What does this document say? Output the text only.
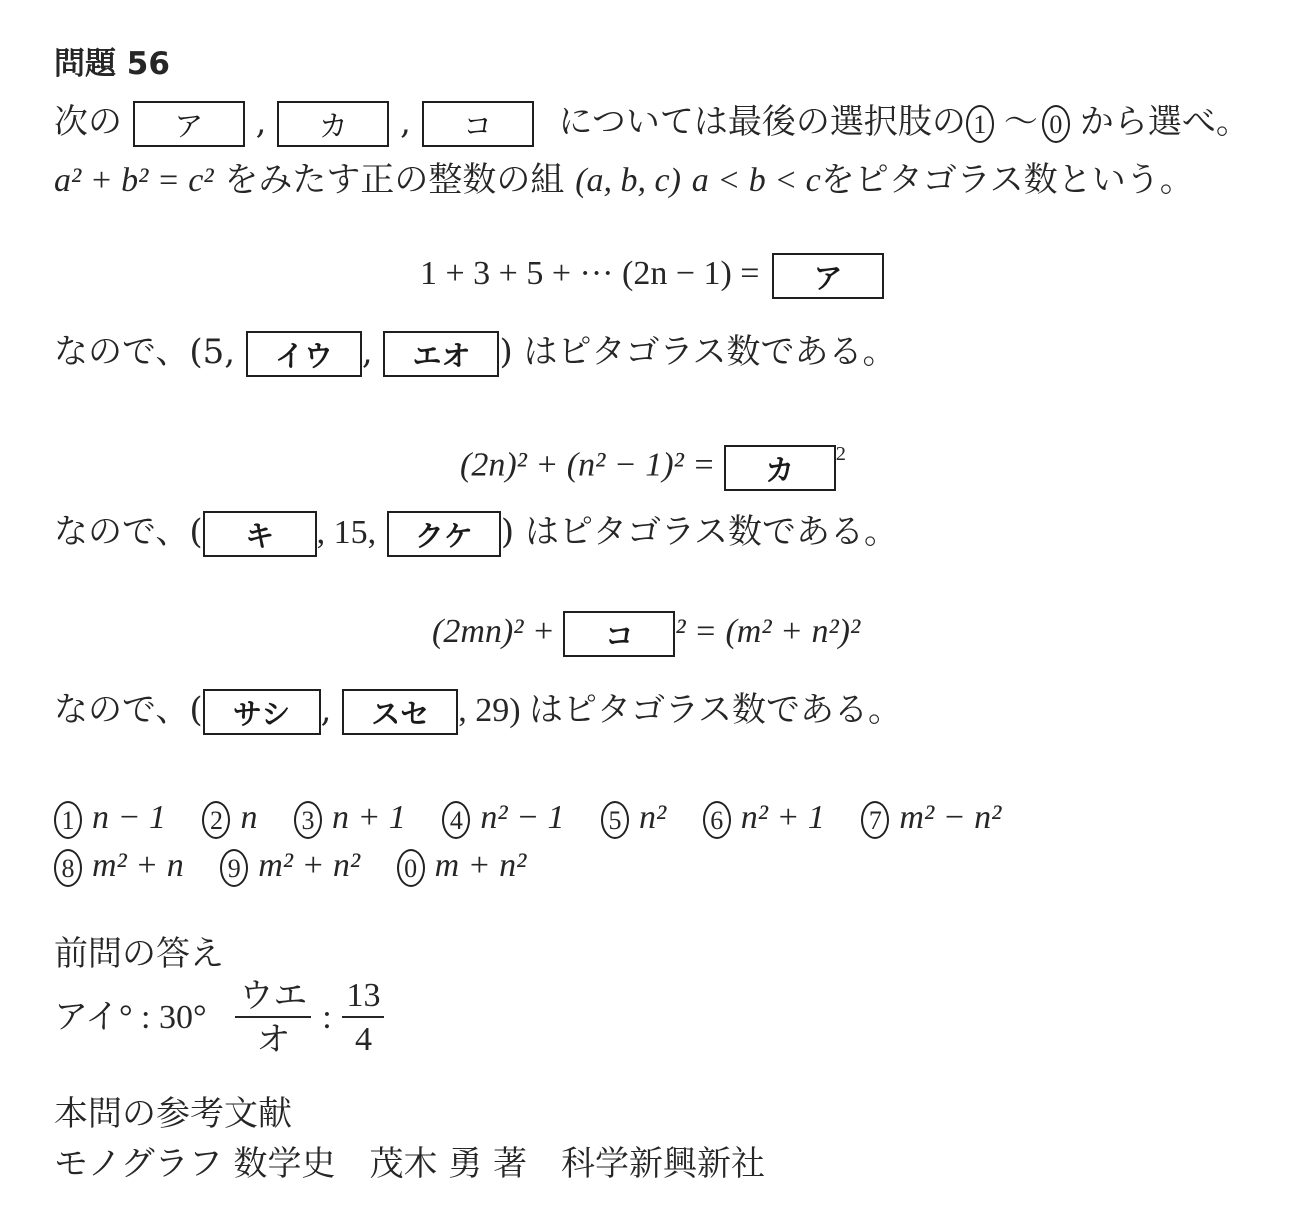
問題 56
次の ア , カ , コ については最後の選択肢の 1 〜 0 から選べ。
a² + b² = c² をみたす正の整数の組 (a, b, c) a < b < cをピタゴラス数という。
1 + 3 + 5 + ··· (2n − 1) = ア
なので、(5, イウ , エオ ) はピタゴラス数である。
(2n)² + (n² − 1)² = カ $^2$
なので、( キ , 15, クケ ) はピタゴラス数である。
(2mn)² + コ ² = (m² + n²)²
なので、( サシ , スセ , 29) はピタゴラス数である。
1 n − 1 2 n 3 n + 1 4 n² − 1 5 n² 6 n² + 1 7 m² − n²
8 m² + n 9 m² + n² 0 m + n²
前問の答え
アイ° : $30^\circ \frac{\text{ウエ}}{\text{オ}}$ : $\frac{13}{4}$
本問の参考文献
モノグラフ 数学史　茂木 勇 著　科学新興新社
